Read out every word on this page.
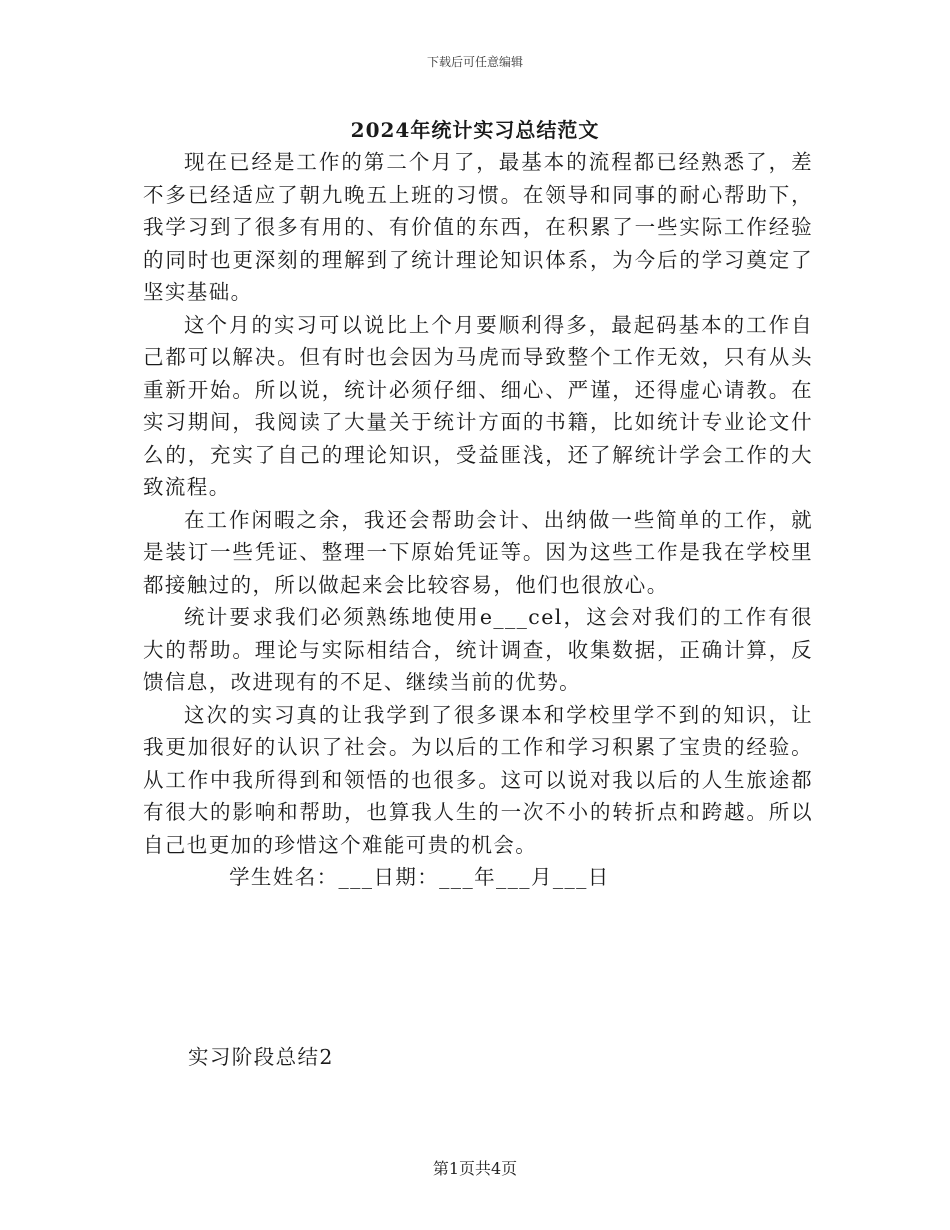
下载后可任意编辑
2024年统计实习总结范文

现在已经是工作的第二个月了，最基本的流程都已经熟悉了，差不多已经适应了朝九晚五上班的习惯。在领导和同事的耐心帮助下，我学习到了很多有用的、有价值的东西，在积累了一些实际工作经验的同时也更深刻的理解到了统计理论知识体系，为今后的学习奠定了坚实基础。

这个月的实习可以说比上个月要顺利得多，最起码基本的工作自己都可以解决。但有时也会因为马虎而导致整个工作无效，只有从头重新开始。所以说，统计必须仔细、细心、严谨，还得虚心请教。在实习期间，我阅读了大量关于统计方面的书籍，比如统计专业论文什么的，充实了自己的理论知识，受益匪浅，还了解统计学会工作的大致流程。

在工作闲暇之余，我还会帮助会计、出纳做一些简单的工作，就是装订一些凭证、整理一下原始凭证等。因为这些工作是我在学校里都接触过的，所以做起来会比较容易，他们也很放心。

统计要求我们必须熟练地使用e___cel，这会对我们的工作有很大的帮助。理论与实际相结合，统计调查，收集数据，正确计算，反馈信息，改进现有的不足、继续当前的优势。

这次的实习真的让我学到了很多课本和学校里学不到的知识，让我更加很好的认识了社会。为以后的工作和学习积累了宝贵的经验。从工作中我所得到和领悟的也很多。这可以说对我以后的人生旅途都有很大的影响和帮助，也算我人生的一次不小的转折点和跨越。所以自己也更加的珍惜这个难能可贵的机会。

学生姓名：___日期：___年___月___日

实习阶段总结2
第1页共4页
